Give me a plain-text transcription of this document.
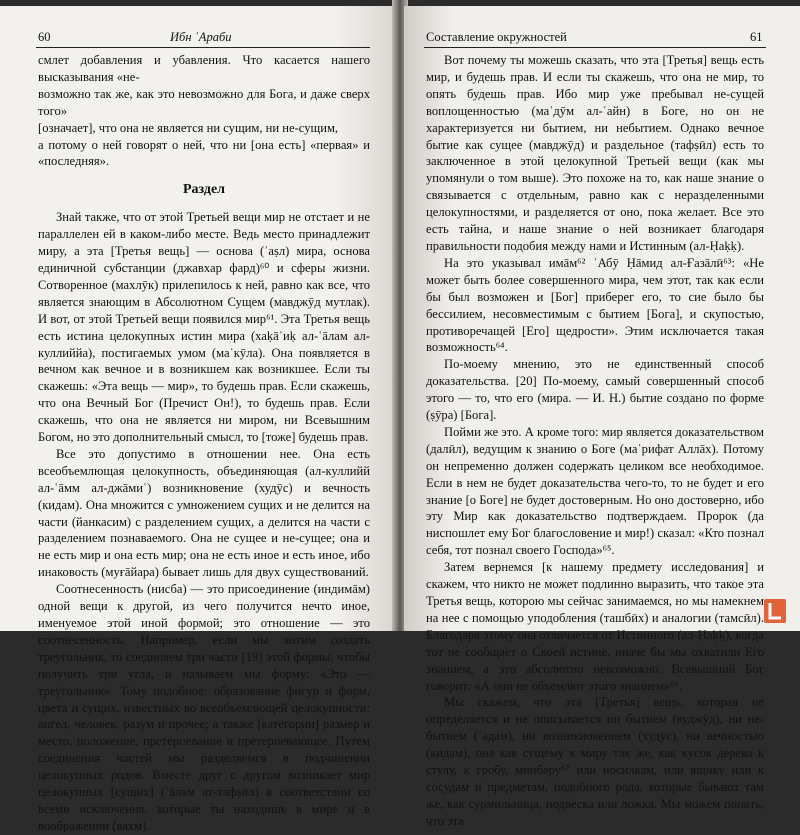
60	Ибн ʿАраби

смлет добавления и убавления. Что касается нашего высказывания «не-

возможно так же, как это невозможно для Бога, и даже сверх того»

[означает], что она не является ни сущим, ни не-сущим,

а потому о ней говорят о ней, что ни [она есть] «первая» и «последняя».

Раздел

Знай также, что от этой Третьей вещи мир не отстает и не параллелен ей в каком-либо месте. Ведь место принадлежит миру, а эта [Третья вещь] — основа (ʾаṣл) мира, основа единичной субстанции (джавхар фард)⁶⁰ и сферы жизни. Сотворенное (махлӯк) прилепилось к ней, равно как все, что является знающим в Абсолютном Сущем (мавджӯд мутлак). И вот, от этой Третьей вещи появился мир⁶¹. Эта Третья вещь есть истина целокупных истин мира (хаḳāʾиḳ ал-ʿāлам ал-куллиййа), постигаемых умом (маʿкӯла). Она появляется в вечном как вечное и в возникшем как возникшее. Если ты скажешь: «Эта вещь — мир», то будешь прав. Если скажешь, что она Вечный Бог (Пречист Он!), то будешь прав. Если скажешь, что она не является ни миром, ни Всевышним Богом, но это дополнительный смысл, то [тоже] будешь прав.

Все это допустимо в отношении нее. Она есть всеобъемлющая целокупность, объединяющая (ал-куллийй ал-ʿāмм ал-джāмиʿ) возникновение (худӯс) и вечность (кидам). Она множится с умножением сущих и не делится на части (йанкасим) с разделением сущих, а делится на части с разделением познаваемого. Она не сущее и не-сущее; она и не есть мир и она есть мир; она не есть иное и есть иное, ибо инаковость (муғāйара) бывает лишь для двух существований.

Соотнесенность (нисба) — это присоединение (индимāм) одной вещи к другой, из чего получится нечто иное, именуемое этой иной формой; это отношение — это соотнесенность. Например, если мы хотим создать треугольник, то соединяем три части [19] этой формы, чтобы получить три угла, и называем мы форму: «Это — треугольник». Тому подобное: образование фигур и форм, цвета и сущих, известных во всеобъемлющей целокупности: ангел, человек, разум и прочее; а также [категории] размер и место, положение, претерпевание и претерпевающее. Путем соединения частей мы разделяемся в подчинении целокупных родов. Вместе друг с другом возникает мир целокупных [сущих] (ʿāлам ат-тафṣӣл) в соответствии со всеми исключения, которые ты находишь в мире и в воображении (вахм).

Составление окружностей	61

Вот почему ты можешь сказать, что эта [Третья] вещь есть мир, и будешь прав. И если ты скажешь, что она не мир, то опять будешь прав. Ибо мир уже пребывал не-сущей воплощенностью (маʿдӯм ал-ʿайн) в Боге, но он не характеризуется ни бытием, ни небытием. Однако вечное бытие как сущее (мавджӯд) и раздельное (тафṣӣл) есть то заключенное в этой целокупной Третьей вещи (как мы упомянули о том выше). Это похоже на то, как наше знание о связывается с отдельным, равно как с неразделенными целокупностями, и разделяется от оно, пока желает. Все это есть тайна, и наше знание о ней возникает благодаря правильности подобия между нами и Истинным (ал-Ḥаḳḳ).

На это указывал имāм⁶² ʾАбӯ Ḥāмид ал-Ғазāлӣ⁶³: «Не может быть более совершенного мира, чем этот, так как если бы был возможен и [Бог] приберег его, то сие было бы бессилием, несовместимым с бытием [Бога], и скупостью, противоречащей [Его] щедрости». Этим исключается такая возможность⁶⁴.

По-моему мнению, это не единственный способ доказательства. [20] По-моему, самый совершенный способ этого — то, что его (мира. — И. Н.) бытие создано по форме (ṣӯра) [Бога].

Пойми же это. А кроме того: мир является доказательством (далӣл), ведущим к знанию о Боге (маʿрифат Аллāх). Потому он непременно должен содержать целиком все необходимое. Если в нем не будет доказательства чего-то, то не будет и его знание [о Боге] не будет достоверным. Но оно достоверно, ибо эту Мир как доказательство подтверждаем. Пророк (да ниспошлет ему Бог благословение и мир!) сказал: «Кто познал себя, тот познал своего Господа»⁶⁵.

Затем вернемся [к нашему предмету исследования] и скажем, что никто не может подлинно выразить, что такое эта Третья вещь, которою мы сейчас занимаемся, но мы намекнем на нее с помощью уподобления (ташбӣх) и аналогии (тамсӣл). Благодаря этому она отличается от Истинного (ал-Ḥаḳḳ), когда тот не сообщает о Своей истине, иначе бы мы охватили Его знанием, а это абсолютно невозможно. Всевышний Бог говорит: «А они не объемлют этого знанием»⁶⁶.

Мы скажем, что эта [Третья] вещь, которая не определяется и не описывается ни бытием (вуджӯд), ни не-бытием (ʿадам), ни возникновением (худӯс), ни вечностью (кидам), она как сущему к миру так же, как кусок дерева к стулу, к гробу, минбару⁶⁷ или носилкам, или ящику или к сосудам и предметам, подобного рода, которые бывают там же, как сурмильница, подвеска или ложка. Мы можем понять, что эта
